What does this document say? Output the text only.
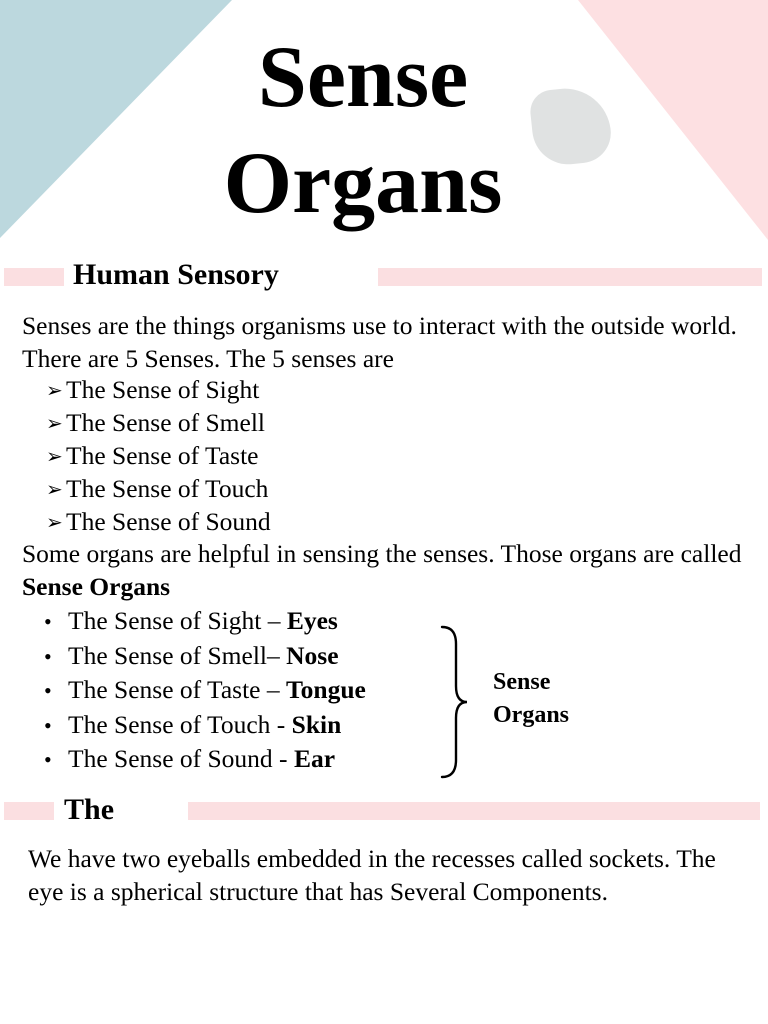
Sense
Organs
Human Sensory

Senses are the things organisms use to interact with the outside world. There are 5 Senses. The 5 senses are

➢ The Sense of Sight
➢ The Sense of Smell
➢ The Sense of Taste
➢ The Sense of Touch
➢ The Sense of Sound

Some organs are helpful in sensing the senses. Those organs are called Sense Organs

• The Sense of Sight – Eyes
• The Sense of Smell– Nose
• The Sense of Taste – Tongue
• The Sense of Touch - Skin
• The Sense of Sound - Ear

Sense
Organs

The

We have two eyeballs embedded in the recesses called sockets. The eye is a spherical structure that has Several Components.
